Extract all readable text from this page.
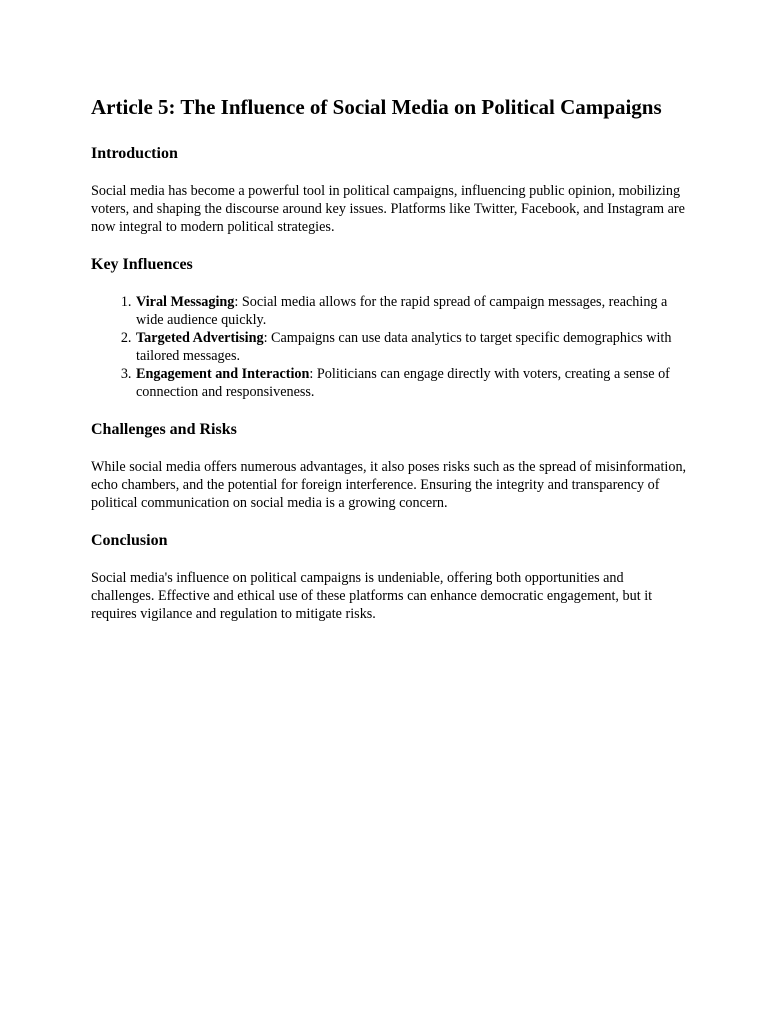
Article 5: The Influence of Social Media on Political Campaigns
Introduction

Social media has become a powerful tool in political campaigns, influencing public opinion, mobilizing voters, and shaping the discourse around key issues. Platforms like Twitter, Facebook, and Instagram are now integral to modern political strategies.

Key Influences
1. Viral Messaging: Social media allows for the rapid spread of campaign messages, reaching a wide audience quickly.
2. Targeted Advertising: Campaigns can use data analytics to target specific demographics with tailored messages.
3. Engagement and Interaction: Politicians can engage directly with voters, creating a sense of connection and responsiveness.
Challenges and Risks

While social media offers numerous advantages, it also poses risks such as the spread of misinformation, echo chambers, and the potential for foreign interference. Ensuring the integrity and transparency of political communication on social media is a growing concern.

Conclusion

Social media's influence on political campaigns is undeniable, offering both opportunities and challenges. Effective and ethical use of these platforms can enhance democratic engagement, but it requires vigilance and regulation to mitigate risks.
